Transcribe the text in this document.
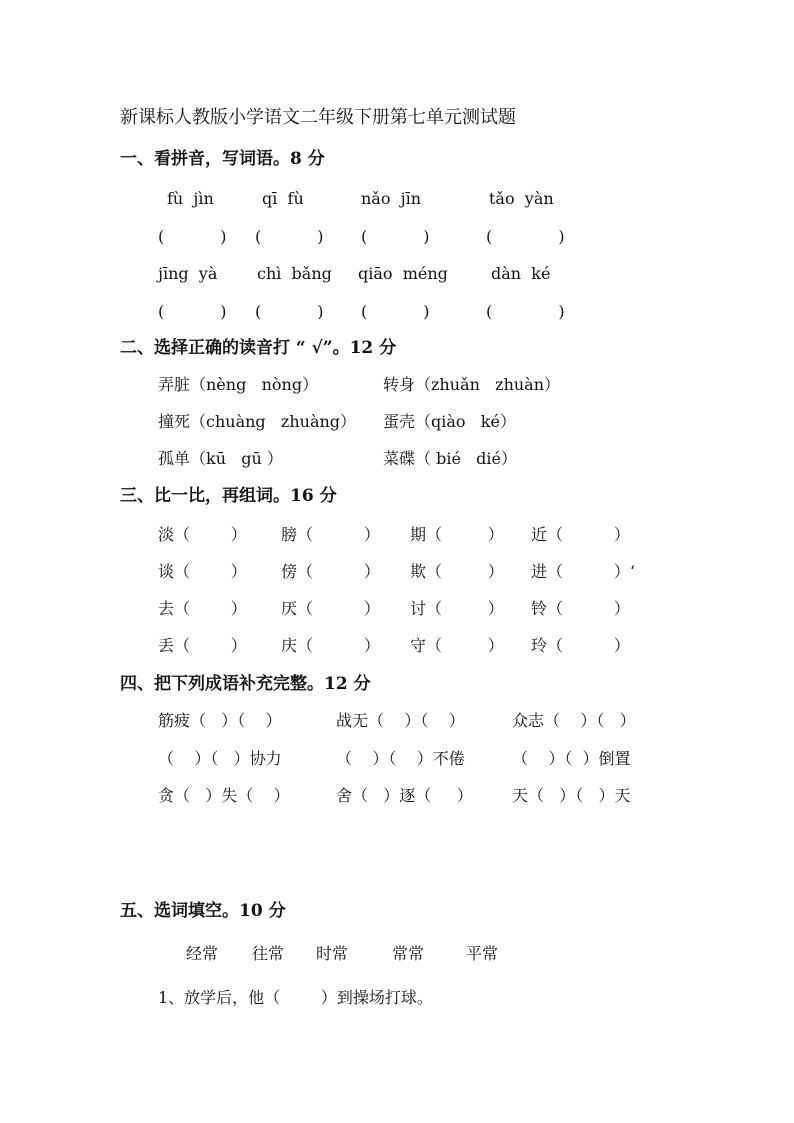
新课标人教版小学语文二年级下册第七单元测试题
一、看拼音，写词语。8 分
fù  jìn	qī  fù	nǎo  jīn	tǎo  yàn
(           ) (           ) (           )	(             )
jīng  yà chì  bǎng qiāo  méng	dàn  ké
(           ) (           ) (           )	(             )
二、选择正确的读音打 “ √”。12 分
弄脏（nèng   nòng）	转身（zhuǎn   zhuàn）
撞死（chuàng   zhuàng） 蛋壳（qiào   ké）
孤单（kū   gū ）	菜碟（ bié   dié）
三、比一比，再组词。16 分
淡（        ） 膀（          ） 期（         ） 近（          ）
谈（        ） 傍（          ） 欺（         ） 进（          ）‘
去（        ） 厌（          ） 讨（         ） 铃（          ）
丢（        ） 庆（          ） 守（         ） 玲（          ）
四、把下列成语补充完整。12 分
筋疲（   ）（    ）	战无（    ）（    ）	众志（    ）（   ）
（    ）（   ）协力	（    ）（    ）不倦	（    ）（  ）倒置
贪（   ）失（    ）	舍（   ）逐（     ） 天（   ）（   ）天
五、选词填空。10 分
经常 往常 时常	常常	平常
1、放学后，他（        ）到操场打球。
